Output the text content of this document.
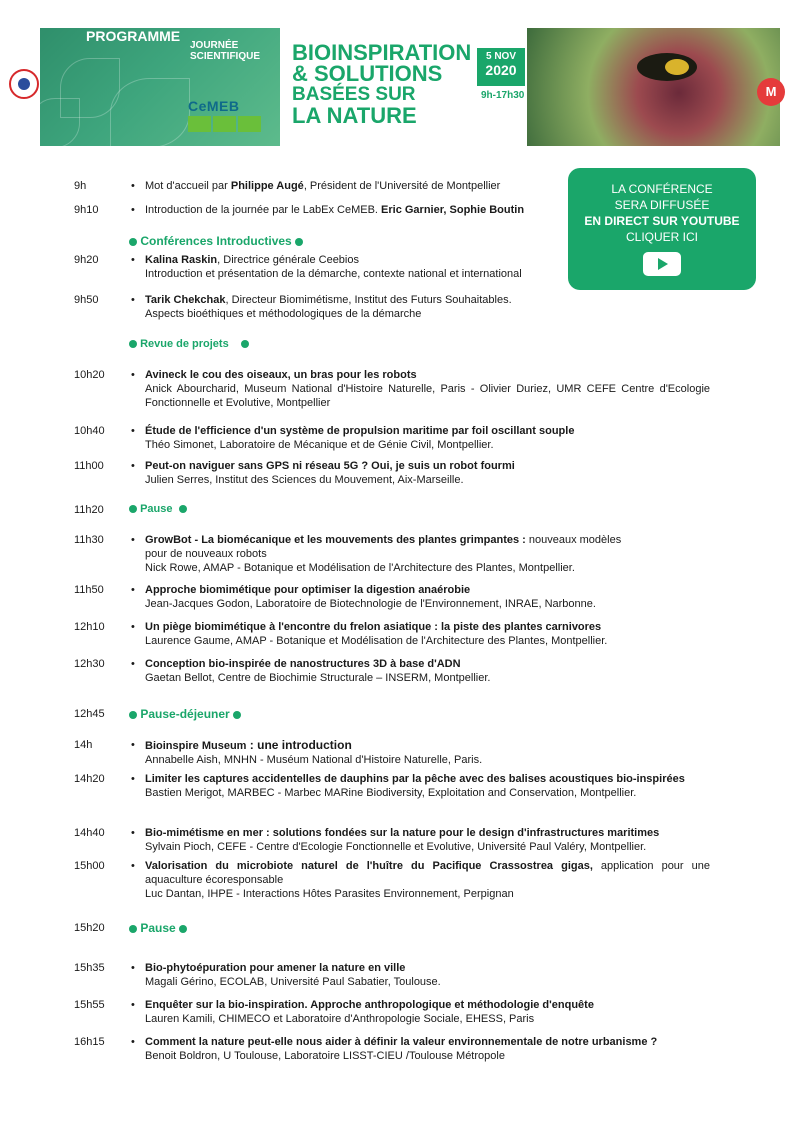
PROGRAMME
JOURNÉE
SCIENTIFIQUE
CeMEB
BIOINSPIRATION
& SOLUTIONS
BASÉES SUR
LA NATURE
5 NOV
2020
9h-17h30	M
LA CONFÉRENCE
SERA DIFFUSÉE
EN DIRECT SUR YOUTUBE
CLIQUER ICI
9h	• Mot d'accueil par Philippe Augé, Président de l'Université de Montpellier
9h10	• Introduction de la journée par le LabEx CeMEB. Eric Garnier, Sophie Boutin
Conférences Introductives
9h20	• Kalina Raskin, Directrice générale Ceebios
Introduction et présentation de la démarche, contexte national et international
9h50	• Tarik Chekchak, Directeur Biomimétisme, Institut des Futurs Souhaitables.
Aspects bioéthiques et méthodologiques de la démarche
Revue de projets
10h20	• Avineck le cou des oiseaux, un bras pour les robots
Anick Abourcharid, Museum National d'Histoire Naturelle, Paris - Olivier Duriez, UMR CEFE Centre d'Ecologie Fonctionnelle et Evolutive, Montpellier
10h40	• Étude de l'efficience d'un système de propulsion maritime par foil oscillant souple
Théo Simonet, Laboratoire de Mécanique et de Génie Civil, Montpellier.
11h00	• Peut-on naviguer sans GPS ni réseau 5G ? Oui, je suis un robot fourmi
Julien Serres, Institut des Sciences du Mouvement, Aix-Marseille.
11h20	Pause
11h30	• GrowBot - La biomécanique et les mouvements des plantes grimpantes : nouveaux modèles
pour de nouveaux robots
Nick Rowe, AMAP - Botanique et Modélisation de l'Architecture des Plantes, Montpellier.
11h50	• Approche biomimétique pour optimiser la digestion anaérobie
Jean-Jacques Godon, Laboratoire de Biotechnologie de l'Environnement, INRAE, Narbonne.
12h10	• Un piège biomimétique à l'encontre du frelon asiatique : la piste des plantes carnivores
Laurence Gaume, AMAP - Botanique et Modélisation de l'Architecture des Plantes, Montpellier.
12h30	• Conception bio-inspirée de nanostructures 3D à base d'ADN
Gaetan Bellot, Centre de Biochimie Structurale – INSERM, Montpellier.
12h45	Pause-déjeuner
14h	• Bioinspire Museum : une introduction
Annabelle Aish, MNHN - Muséum National d'Histoire Naturelle, Paris.
14h20	• Limiter les captures accidentelles de dauphins par la pêche avec des balises acoustiques bio-inspirées
Bastien Merigot, MARBEC - Marbec MARine Biodiversity, Exploitation and Conservation, Montpellier.
14h40	• Bio-mimétisme en mer : solutions fondées sur la nature pour le design d'infrastructures maritimes
Sylvain Pioch, CEFE - Centre d'Ecologie Fonctionnelle et Evolutive, Université Paul Valéry, Montpellier.
15h00	• Valorisation du microbiote naturel de l'huître du Pacifique Crassostrea gigas, application pour une aquaculture écoresponsable
Luc Dantan, IHPE - Interactions Hôtes Parasites Environnement, Perpignan
15h20	Pause
15h35	• Bio-phytoépuration pour amener la nature en ville
Magali Gérino, ECOLAB, Université Paul Sabatier, Toulouse.
15h55	• Enquêter sur la bio-inspiration. Approche anthropologique et méthodologie d'enquête
Lauren Kamili, CHIMECO et Laboratoire d'Anthropologie Sociale, EHESS, Paris
16h15	• Comment la nature peut-elle nous aider à définir la valeur environnementale de notre urbanisme ?
Benoit Boldron, U Toulouse, Laboratoire LISST-CIEU /Toulouse Métropole
